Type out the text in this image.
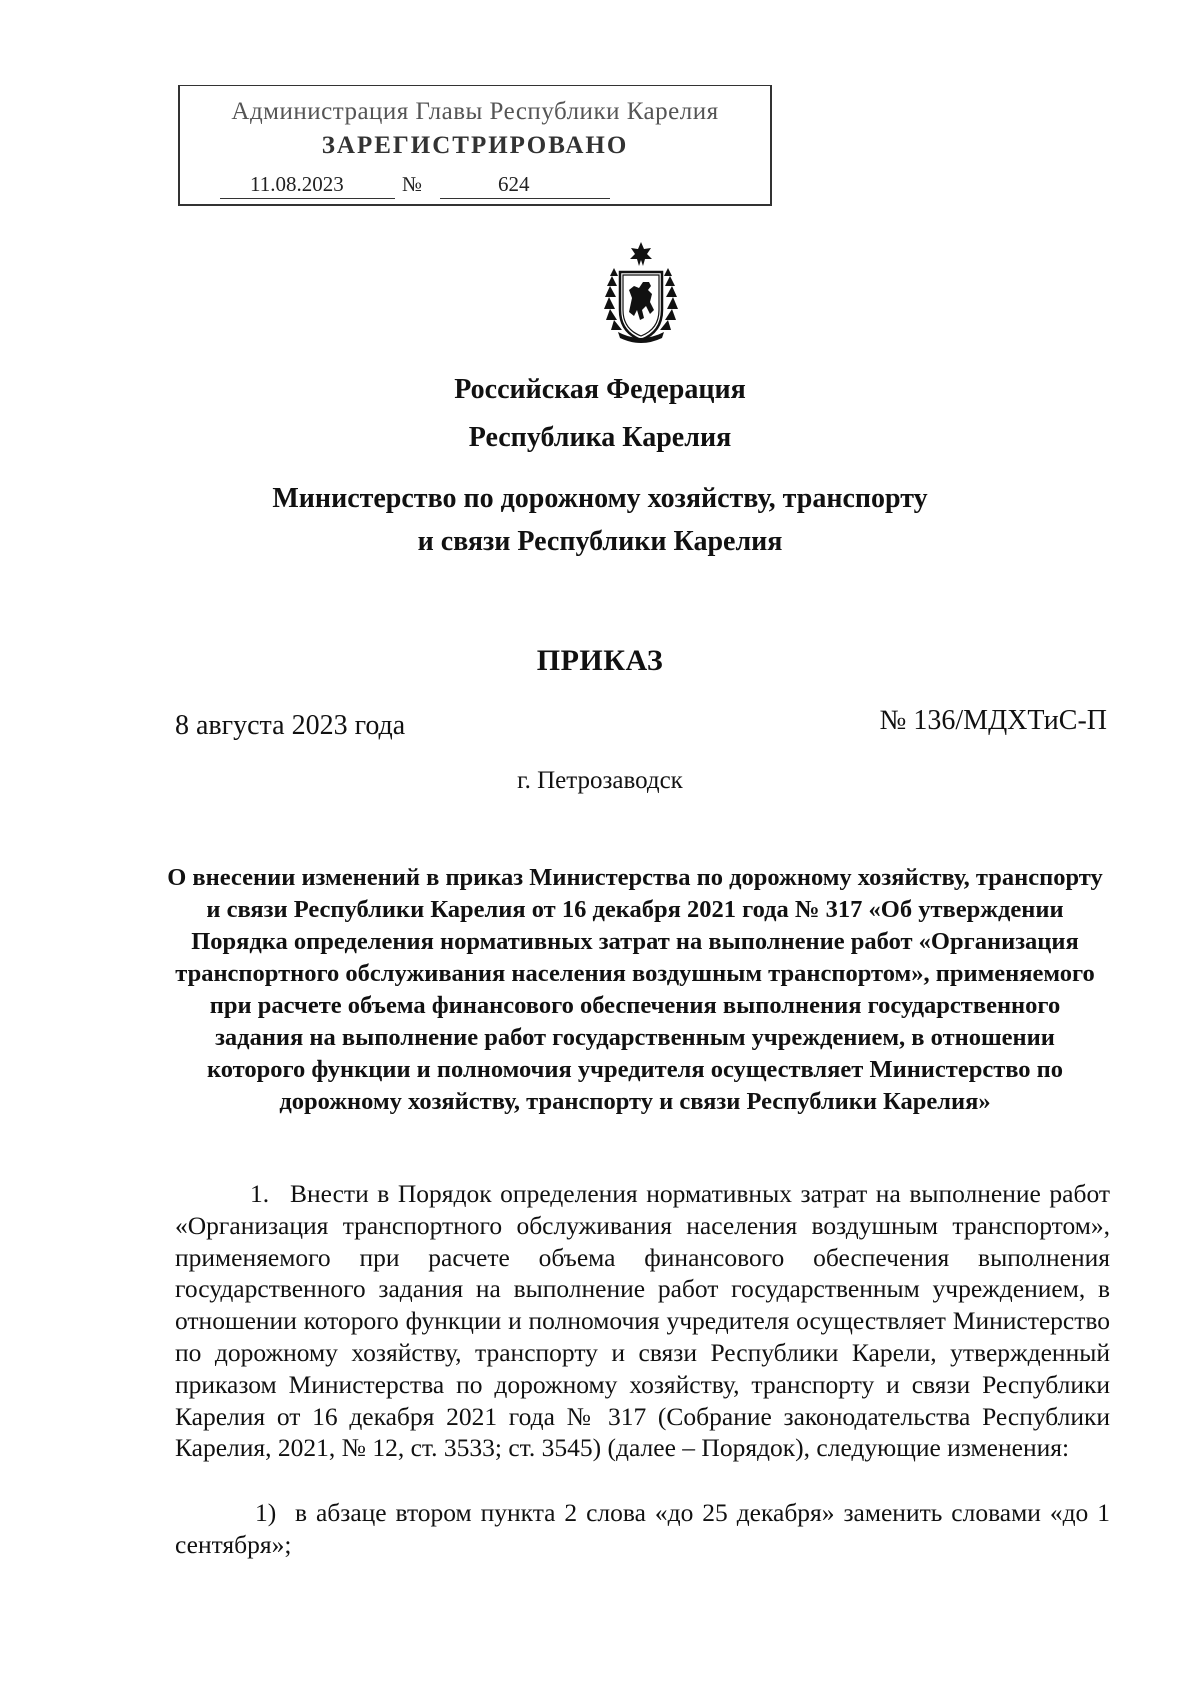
Администрация Главы Республики Карелия
ЗАРЕГИСТРИРОВАНО
11.08.2023	№	624
Российская Федерация
Республика Карелия
Министерство по дорожному хозяйству, транспорту
и связи Республики Карелия
ПРИКАЗ
8 августа 2023 года	№ 136/МДХТиС-П
г. Петрозаводск
О внесении изменений в приказ Министерства по дорожному хозяйству, транспорту и связи Республики Карелия от 16 декабря 2021 года № 317 «Об утверждении Порядка определения нормативных затрат на выполнение работ «Организация транспортного обслуживания населения воздушным транспортом», применяемого при расчете объема финансового обеспечения выполнения государственного задания на выполнение работ государственным учреждением, в отношении которого функции и полномочия учредителя осуществляет Министерство по дорожному хозяйству, транспорту и связи Республики Карелия»
1. Внести в Порядок определения нормативных затрат на выполнение работ «Организация транспортного обслуживания населения воздушным транспортом», применяемого при расчете объема финансового обеспечения выполнения государственного задания на выполнение работ государственным учреждением, в отношении которого функции и полномочия учредителя осуществляет Министерство по дорожному хозяйству, транспорту и связи Республики Карели, утвержденный приказом Министерства по дорожному хозяйству, транспорту и связи Республики Карелия от 16 декабря 2021 года № 317 (Собрание законодательства Республики Карелия, 2021, № 12, ст. 3533; ст. 3545) (далее – Порядок), следующие изменения:
1) в абзаце втором пункта 2 слова «до 25 декабря» заменить словами «до 1 сентября»;
